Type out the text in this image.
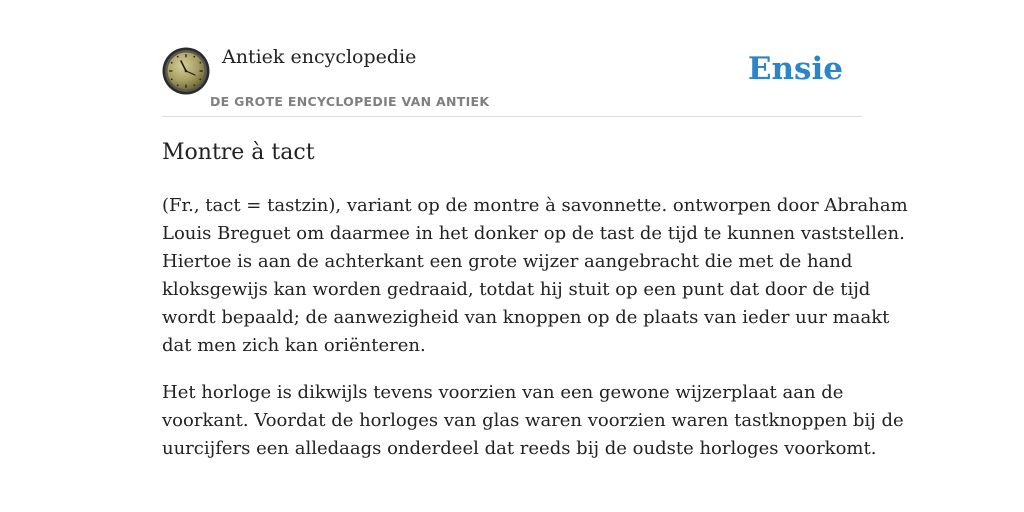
Antiek encyclopedie
DE GROTE ENCYCLOPEDIE VAN ANTIEK
Ensie
Montre à tact

(Fr., tact = tastzin), variant op de montre à savonnette. ontworpen door Abraham
Louis Breguet om daarmee in het donker op de tast de tijd te kunnen vaststellen.
Hiertoe is aan de achterkant een grote wijzer aangebracht die met de hand
kloksgewijs kan worden gedraaid, totdat hij stuit op een punt dat door de tijd
wordt bepaald; de aanwezigheid van knoppen op de plaats van ieder uur maakt
dat men zich kan oriënteren.

Het horloge is dikwijls tevens voorzien van een gewone wijzerplaat aan de
voorkant. Voordat de horloges van glas waren voorzien waren tastknoppen bij de
uurcijfers een alledaags onderdeel dat reeds bij de oudste horloges voorkomt.
